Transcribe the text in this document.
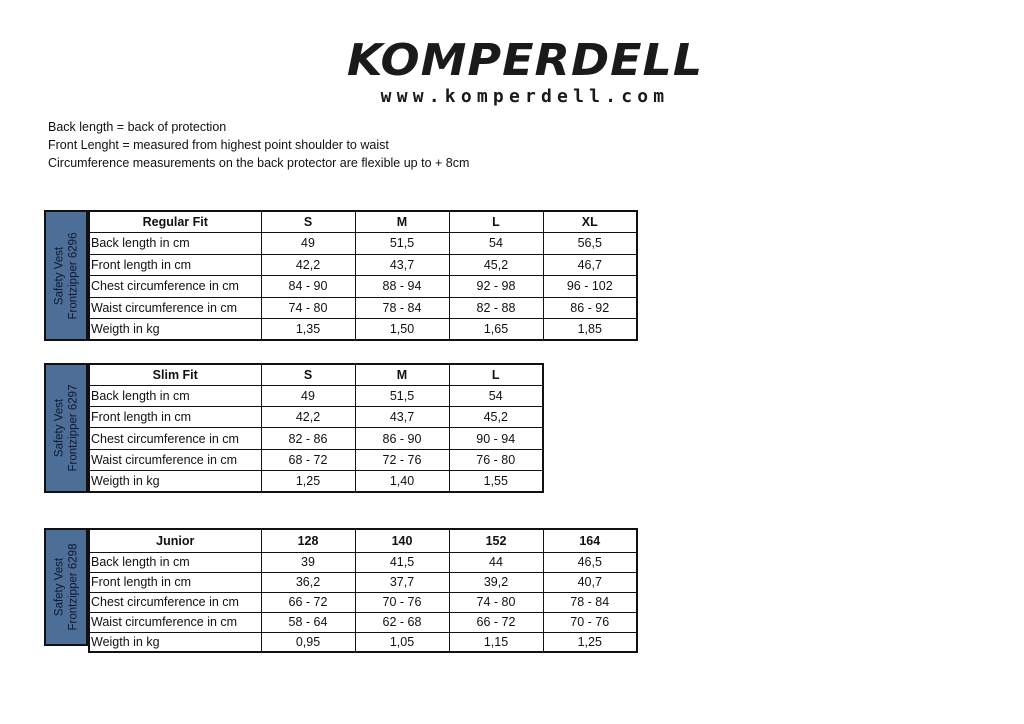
KOMPERDELL
www.komperdell.com
Back length = back of protection
Front Lenght = measured from highest point shoulder to waist
Circumference measurements on the back protector are flexible up to + 8cm
Safety Vest Frontzipper 6296
Regular Fit	S	M	L	XL
Back length in cm	49	51,5	54	56,5
Front length in cm	42,2	43,7	45,2	46,7
Chest circumference in cm	84 - 90	88 - 94	92 - 98	96 - 102
Waist circumference in cm	74 - 80	78 - 84	82 - 88	86 - 92
Weigth in kg	1,35	1,50	1,65	1,85
Safety Vest Frontzipper 6297
Slim Fit	S	M	L
Back length in cm	49	51,5	54
Front length in cm	42,2	43,7	45,2
Chest circumference in cm	82 - 86	86 - 90	90 - 94
Waist circumference in cm	68 - 72	72 - 76	76 - 80
Weigth in kg	1,25	1,40	1,55
Safety Vest Frontzipper 6298
Junior	128	140	152	164
Back length in cm	39	41,5	44	46,5
Front length in cm	36,2	37,7	39,2	40,7
Chest circumference in cm	66 - 72	70 - 76	74 - 80	78 - 84
Waist circumference in cm	58 - 64	62 - 68	66 - 72	70 - 76
Weigth in kg	0,95	1,05	1,15	1,25
